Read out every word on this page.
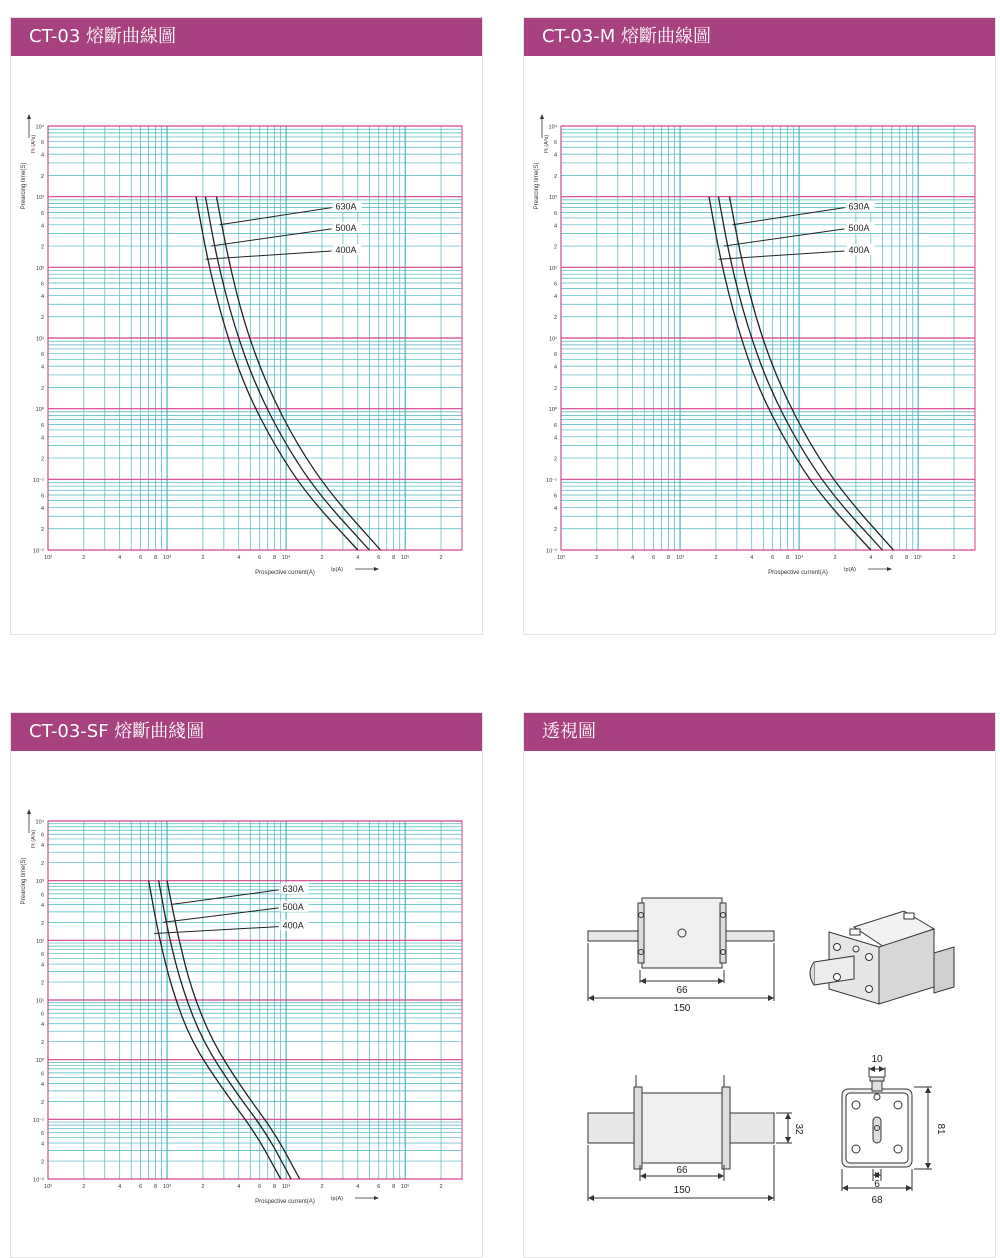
CT-03 熔斷曲線圖
10⁴
6
4
2
10³
6
4
2
10²
6
4
2
10¹
6
4
2
10⁰
6
4
2
10⁻¹
6
4
2
10⁻²
10²	2	4	6 8 10³	2	4	6 8 10⁴	2	4	6 8 10⁵	2
Prospective current(A)	Ip(A)
Prearcing time(S)
I²t (A²s)
630A
500A
400A
CT-03-M 熔斷曲線圖
10⁴
6
4
2
10³
6
4
2
10²
6
4
2
10¹
6
4
2
10⁰
6
4
2
10⁻¹
6
4
2
10⁻²
10²	2	4	6 8 10³	2	4	6 8 10⁴	2	4	6 8 10⁵	2
Prospective current(A)	Ip(A)
Prearcing time(S)
I²t (A²s)
630A
500A
400A
CT-03-SF 熔斷曲綫圖
10⁴
6
4
2
10³
6
4
2
10²
6
4
2
10¹
6
4
2
10⁰
6
4
2
10⁻¹
6
4
2
10⁻²
10²	2	4	6 8 10³	2	4	6 8 10⁴	2	4	6 8 10⁵	2
Prospective current(A)	Ip(A)
Prearcing time(S)
I²t (A²s)
630A
500A
400A
透視圖
66
150
66
150
32
10
81
6
68
